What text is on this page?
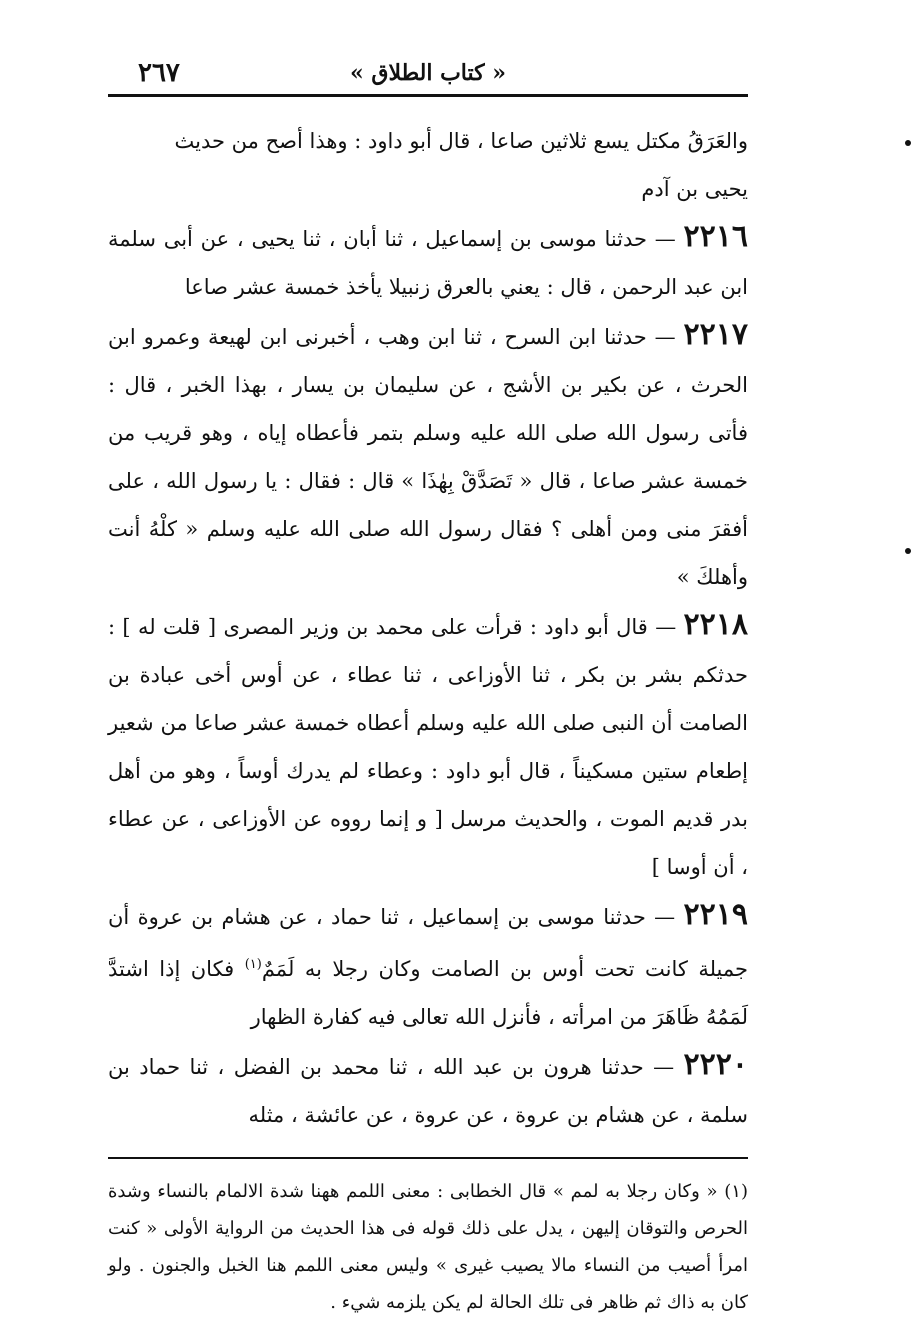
« كتاب الطلاق »
٢٦٧

والعَرَقُ مكتل يسع ثلاثين صاعا ، قال أبو داود : وهذا أصح من حديث
يحيى بن آدم

٢٢١٦ — حدثنا موسى بن إسماعيل ، ثنا أبان ، ثنا يحيى ، عن أبى سلمة ابن عبد الرحمن ، قال : يعني بالعرق زنبيلا يأخذ خمسة عشر صاعا

٢٢١٧ — حدثنا ابن السرح ، ثنا ابن وهب ، أخبرنى ابن لهيعة وعمرو ابن الحرث ، عن بكير بن الأشج ، عن سليمان بن يسار ، بهذا الخبر ، قال : فأتى رسول الله صلى الله عليه وسلم بتمر فأعطاه إياه ، وهو قريب من خمسة عشر صاعا ، قال « تَصَدَّقْ بِهٰذَا » قال : فقال : يا رسول الله ، على أفقرَ منى ومن أهلى ؟ فقال رسول الله صلى الله عليه وسلم « كلْهُ أنت وأهلكَ »

٢٢١٨ — قال أبو داود : قرأت على محمد بن وزير المصرى [ قلت له ] : حدثكم بشر بن بكر ، ثنا الأوزاعى ، ثنا عطاء ، عن أوس أخى عبادة بن الصامت أن النبى صلى الله عليه وسلم أعطاه خمسة عشر صاعا من شعير إطعام ستين مسكيناً ، قال أبو داود : وعطاء لم يدرك أوساً ، وهو من أهل بدر قديم الموت ، والحديث مرسل [ و إنما رووه عن الأوزاعى ، عن عطاء ، أن أوسا ]

٢٢١٩ — حدثنا موسى بن إسماعيل ، ثنا حماد ، عن هشام بن عروة أن جميلة كانت تحت أوس بن الصامت وكان رجلا به لَمَمٌ$^{(١)}$ فكان إذا اشتدَّ لَمَمُهُ ظَاهَرَ من امرأته ، فأنزل الله تعالى فيه كفارة الظهار

٢٢٢٠ — حدثنا هرون بن عبد الله ، ثنا محمد بن الفضل ، ثنا حماد بن سلمة ، عن هشام بن عروة ، عن عروة ، عن عائشة ، مثله

(١) « وكان رجلا به لمم » قال الخطابى : معنى اللمم ههنا شدة الالمام بالنساء وشدة الحرص والتوقان إليهن ، يدل على ذلك قوله فى هذا الحديث من الرواية الأولى « كنت امرأ أصيب من النساء مالا يصيب غيرى » وليس معنى اللمم هنا الخبل والجنون . ولو كان به ذاك ثم ظاهر فى تلك الحالة لم يكن يلزمه شيء .
